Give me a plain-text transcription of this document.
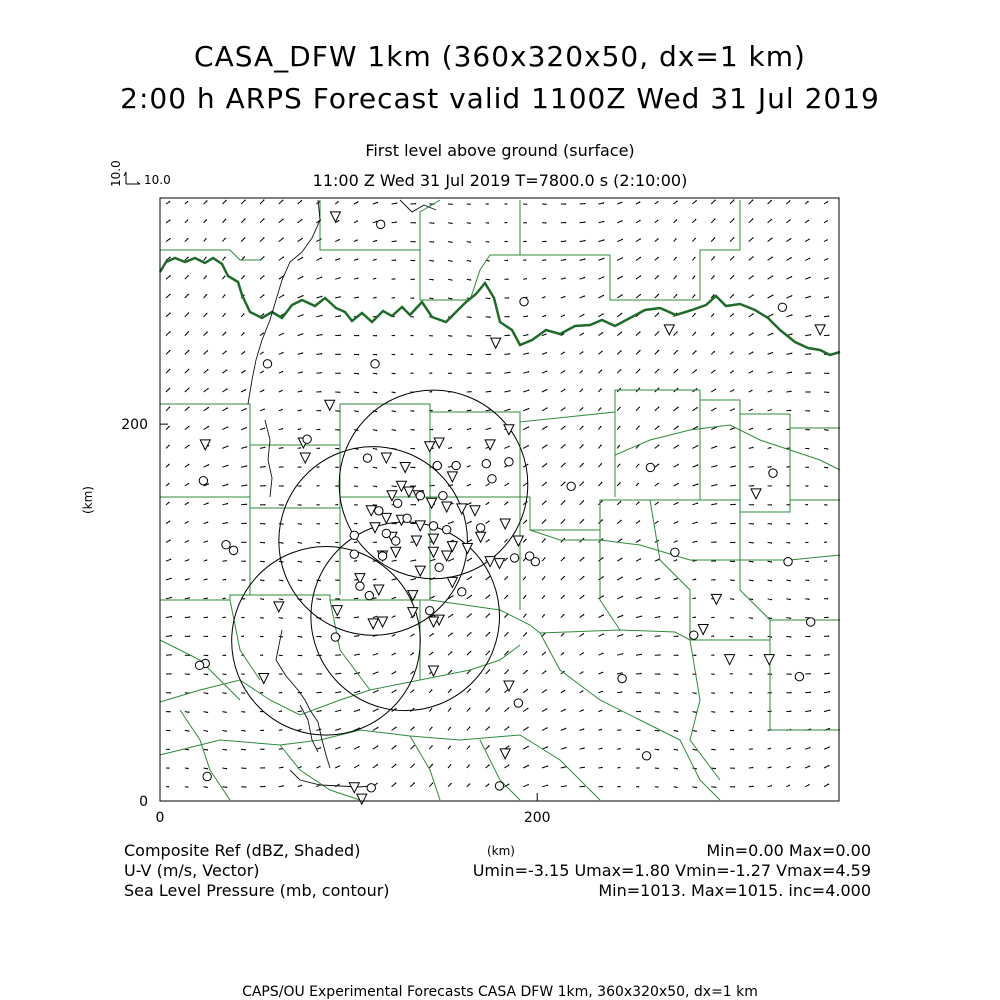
CASA_DFW 1km (360x320x50, dx=1 km)
2:00 h ARPS Forecast valid 1100Z Wed 31 Jul 2019
First level above ground (surface)
11:00 Z Wed 31 Jul 2019 T=7800.0 s (2:10:00)
10.0 10.0
(km)
(km)
0	200
0
200
Composite Ref (dBZ, Shaded)	Min=0.00 Max=0.00
U-V (m/s, Vector)	Umin=-3.15 Umax=1.80 Vmin=-1.27 Vmax=4.59
Sea Level Pressure (mb, contour)	Min=1013. Max=1015. inc=4.000
CAPS/OU Experimental Forecasts CASA DFW 1km, 360x320x50, dx=1 km
